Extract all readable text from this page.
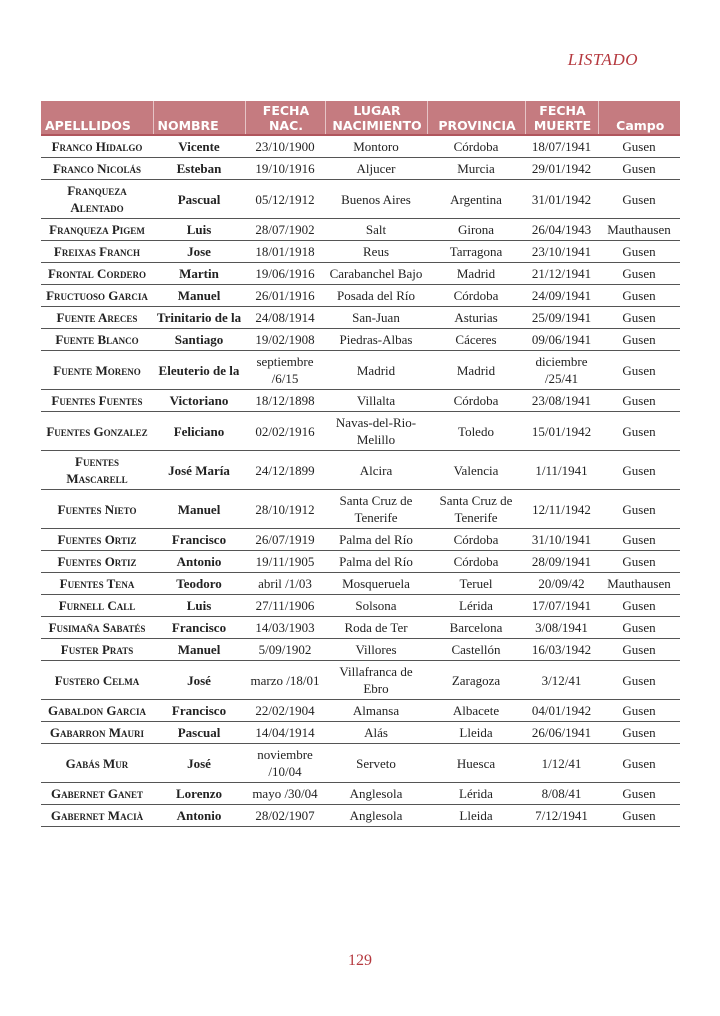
LISTADO
APELLLIDOS	NOMBRE	FECHA NAC.	LUGAR NACIMIENTO	PROVINCIA	FECHA MUERTE	Campo
Franco Hidalgo	Vicente	23/10/1900	Montoro	Córdoba	18/07/1941	Gusen
Franco Nicolás	Esteban	19/10/1916	Aljucer	Murcia	29/01/1942	Gusen
Franqueza Alentado	Pascual	05/12/1912	Buenos Aires	Argentina	31/01/1942	Gusen
Franqueza Pigem	Luis	28/07/1902	Salt	Girona	26/04/1943	Mauthausen
Freixas Franch	Jose	18/01/1918	Reus	Tarragona	23/10/1941	Gusen
Frontal Cordero	Martin	19/06/1916	Carabanchel Bajo	Madrid	21/12/1941	Gusen
Fructuoso Garcia	Manuel	26/01/1916	Posada del Río	Córdoba	24/09/1941	Gusen
Fuente Areces	Trinitario de la	24/08/1914	San-Juan	Asturias	25/09/1941	Gusen
Fuente Blanco	Santiago	19/02/1908	Piedras-Albas	Cáceres	09/06/1941	Gusen
Fuente Moreno	Eleuterio de la	septiembre /6/15	Madrid	Madrid	diciembre /25/41	Gusen
Fuentes Fuentes	Victoriano	18/12/1898	Villalta	Córdoba	23/08/1941	Gusen
Fuentes Gonzalez	Feliciano	02/02/1916	Navas-del-Rio-Melillo	Toledo	15/01/1942	Gusen
Fuentes Mascarell	José María	24/12/1899	Alcira	Valencia	1/11/1941	Gusen
Fuentes Nieto	Manuel	28/10/1912	Santa Cruz de Tenerife	Santa Cruz de Tenerife	12/11/1942	Gusen
Fuentes Ortiz	Francisco	26/07/1919	Palma del Río	Córdoba	31/10/1941	Gusen
Fuentes Ortiz	Antonio	19/11/1905	Palma del Río	Córdoba	28/09/1941	Gusen
Fuentes Tena	Teodoro	abril /1/03	Mosqueruela	Teruel	20/09/42	Mauthausen
Furnell Call	Luis	27/11/1906	Solsona	Lérida	17/07/1941	Gusen
Fusimaña Sabatés	Francisco	14/03/1903	Roda de Ter	Barcelona	3/08/1941	Gusen
Fuster Prats	Manuel	5/09/1902	Villores	Castellón	16/03/1942	Gusen
Fustero Celma	José	marzo /18/01	Villafranca de Ebro	Zaragoza	3/12/41	Gusen
Gabaldon Garcia	Francisco	22/02/1904	Almansa	Albacete	04/01/1942	Gusen
Gabarron Mauri	Pascual	14/04/1914	Alás	Lleida	26/06/1941	Gusen
Gabás Mur	José	noviembre /10/04	Serveto	Huesca	1/12/41	Gusen
Gabernet Ganet	Lorenzo	mayo /30/04	Anglesola	Lérida	8/08/41	Gusen
Gabernet Macià	Antonio	28/02/1907	Anglesola	Lleida	7/12/1941	Gusen
129
